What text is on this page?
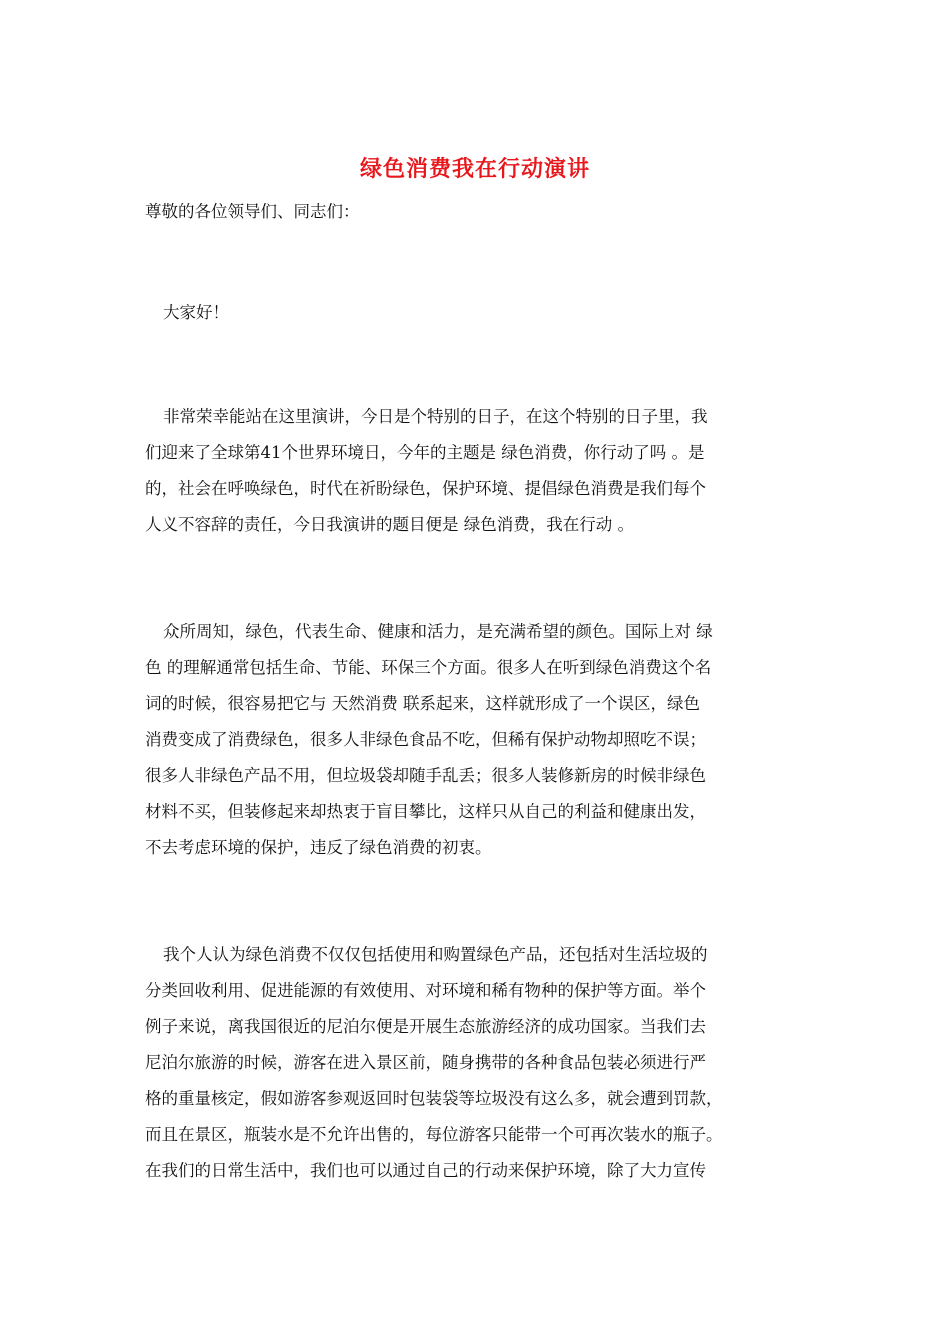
绿色消费我在行动演讲
尊敬的各位领导们、同志们：
大家好！
非常荣幸能站在这里演讲，今日是个特别的日子，在这个特别的日子里，我
们迎来了全球第41个世界环境日，今年的主题是 绿色消费，你行动了吗 。是
的，社会在呼唤绿色，时代在祈盼绿色，保护环境、提倡绿色消费是我们每个
人义不容辞的责任，今日我演讲的题目便是 绿色消费，我在行动 。
众所周知，绿色，代表生命、健康和活力，是充满希望的颜色。国际上对 绿
色 的理解通常包括生命、节能、环保三个方面。很多人在听到绿色消费这个名
词的时候，很容易把它与 天然消费 联系起来，这样就形成了一个误区，绿色
消费变成了消费绿色，很多人非绿色食品不吃，但稀有保护动物却照吃不误；
很多人非绿色产品不用，但垃圾袋却随手乱丢；很多人装修新房的时候非绿色
材料不买，但装修起来却热衷于盲目攀比，这样只从自己的利益和健康出发，
不去考虑环境的保护，违反了绿色消费的初衷。
我个人认为绿色消费不仅仅包括使用和购置绿色产品，还包括对生活垃圾的
分类回收利用、促进能源的有效使用、对环境和稀有物种的保护等方面。举个
例子来说，离我国很近的尼泊尔便是开展生态旅游经济的成功国家。当我们去
尼泊尔旅游的时候，游客在进入景区前，随身携带的各种食品包装必须进行严
格的重量核定，假如游客参观返回时包装袋等垃圾没有这么多，就会遭到罚款，
而且在景区，瓶装水是不允许出售的，每位游客只能带一个可再次装水的瓶子。
在我们的日常生活中，我们也可以通过自己的行动来保护环境，除了大力宣传
